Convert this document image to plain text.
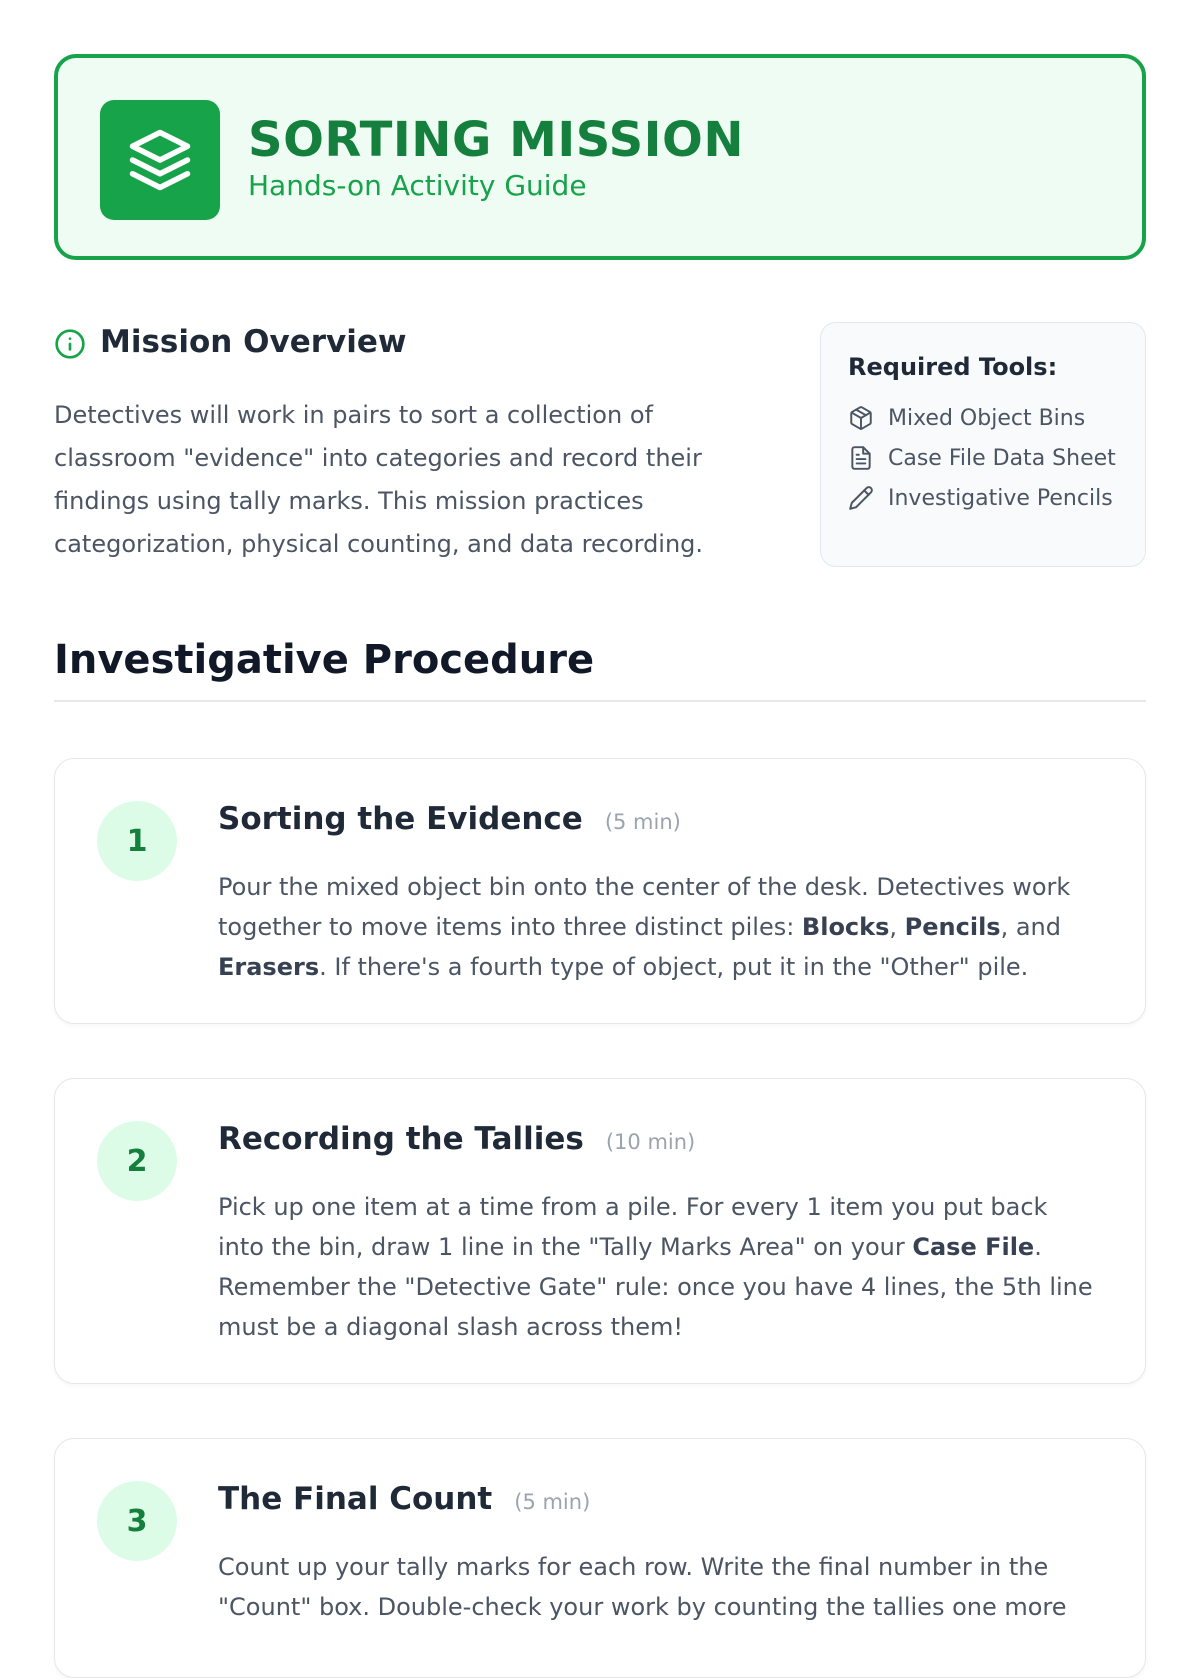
SORTING MISSION
Hands-on Activity Guide
Mission Overview
Detectives will work in pairs to sort a collection of classroom "evidence" into categories and record their findings using tally marks. This mission practices categorization, physical counting, and data recording.
Required Tools:
Mixed Object Bins
Case File Data Sheet
Investigative Pencils
Investigative Procedure
1
Sorting the Evidence (5 min)
Pour the mixed object bin onto the center of the desk. Detectives work together to move items into three distinct piles: Blocks, Pencils, and Erasers. If there's a fourth type of object, put it in the "Other" pile.
2
Recording the Tallies (10 min)
Pick up one item at a time from a pile. For every 1 item you put back into the bin, draw 1 line in the "Tally Marks Area" on your Case File. Remember the "Detective Gate" rule: once you have 4 lines, the 5th line must be a diagonal slash across them!
3
The Final Count (5 min)
Count up your tally marks for each row. Write the final number in the "Count" box. Double-check your work by counting the tallies one more
